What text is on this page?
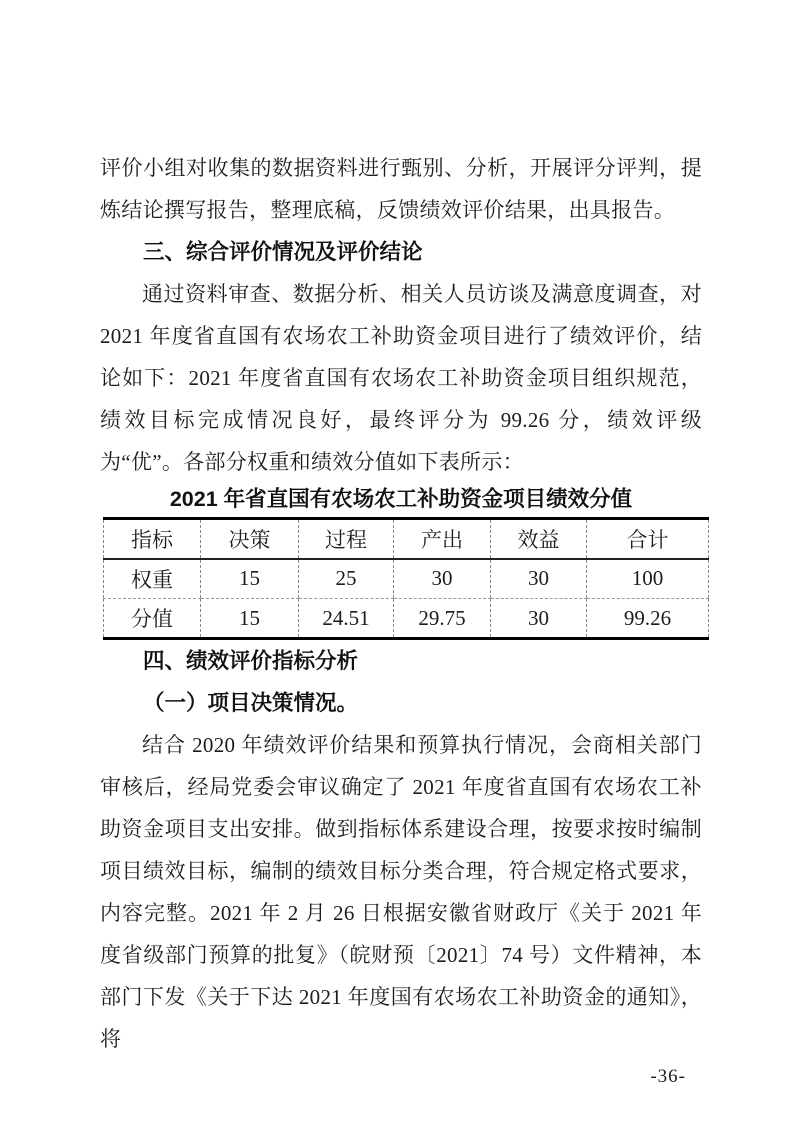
评价小组对收集的数据资料进行甄别、分析，开展评分评判，提炼结论撰写报告，整理底稿，反馈绩效评价结果，出具报告。

三、综合评价情况及评价结论

通过资料审查、数据分析、相关人员访谈及满意度调查，对 2021 年度省直国有农场农工补助资金项目进行了绩效评价，结论如下：2021 年度省直国有农场农工补助资金项目组织规范，绩效目标完成情况良好，最终评分为 99.26 分，绩效评级为“优”。各部分权重和绩效分值如下表所示：

2021 年省直国有农场农工补助资金项目绩效分值

指标	决策	过程	产出	效益	合计
权重	15	25	30	30	100
分值	15	24.51	29.75	30	99.26

四、绩效评价指标分析

（一）项目决策情况。

结合 2020 年绩效评价结果和预算执行情况，会商相关部门审核后，经局党委会审议确定了 2021 年度省直国有农场农工补助资金项目支出安排。做到指标体系建设合理，按要求按时编制项目绩效目标，编制的绩效目标分类合理，符合规定格式要求，内容完整。2021 年 2 月 26 日根据安徽省财政厅《关于 2021 年度省级部门预算的批复》（皖财预〔2021〕74 号）文件精神，本部门下发《关于下达 2021 年度国有农场农工补助资金的通知》，将

-36-
